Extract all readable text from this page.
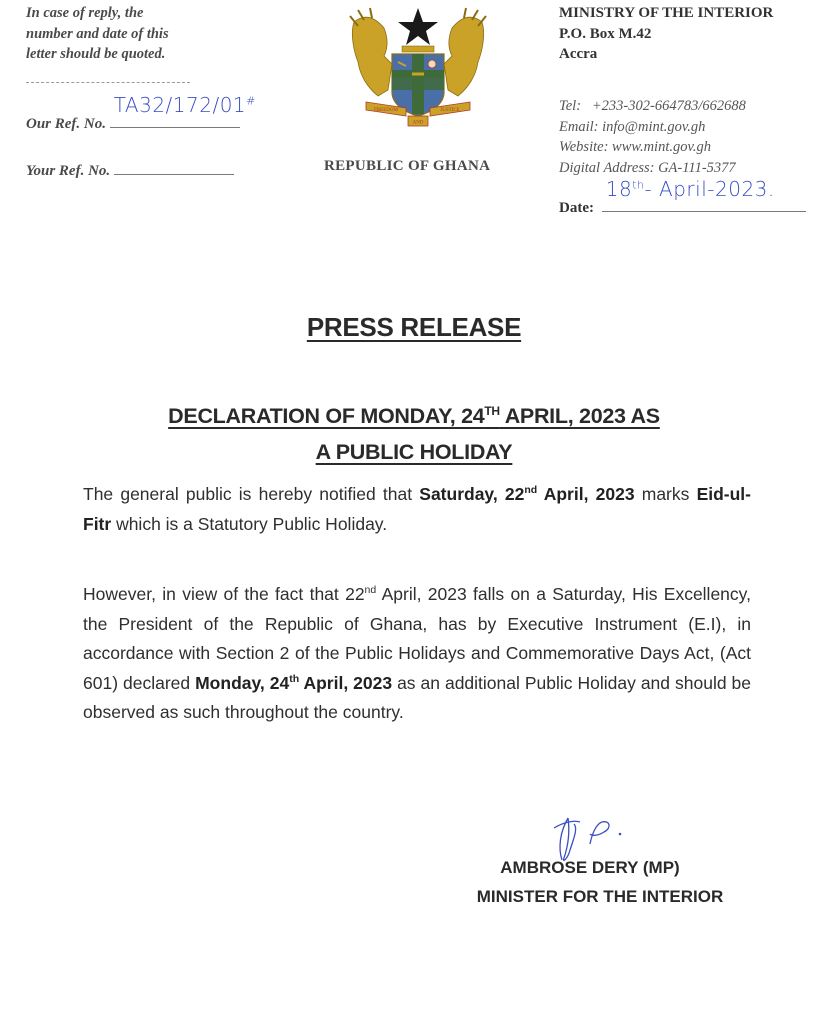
In case of reply, the
number and date of this
letter should be quoted.
Our Ref. No.
TA32/172/01#
Your Ref. No.
FREEDOM	JUSTICE
AND
REPUBLIC OF GHANA
MINISTRY OF THE INTERIOR
P.O. Box M.42
Accra
Tel:   +233-302-664783/662688
Email: info@mint.gov.gh
Website: www.mint.gov.gh
Digital Address: GA-111-5377
Date:
18th- April-2023.
PRESS RELEASE
DECLARATION OF MONDAY, 24TH APRIL, 2023 AS
A PUBLIC HOLIDAY
The general public is hereby notified that Saturday, 22nd April, 2023 marks Eid-ul-Fitr which is a Statutory Public Holiday.
However, in view of the fact that 22nd April, 2023 falls on a Saturday, His Excellency, the President of the Republic of Ghana, has by Executive Instrument (E.I), in accordance with Section 2 of the Public Holidays and Commemorative Days Act, (Act 601) declared Monday, 24th April, 2023 as an additional Public Holiday and should be observed as such throughout the country.
AMBROSE DERY (MP)
MINISTER FOR THE INTERIOR
